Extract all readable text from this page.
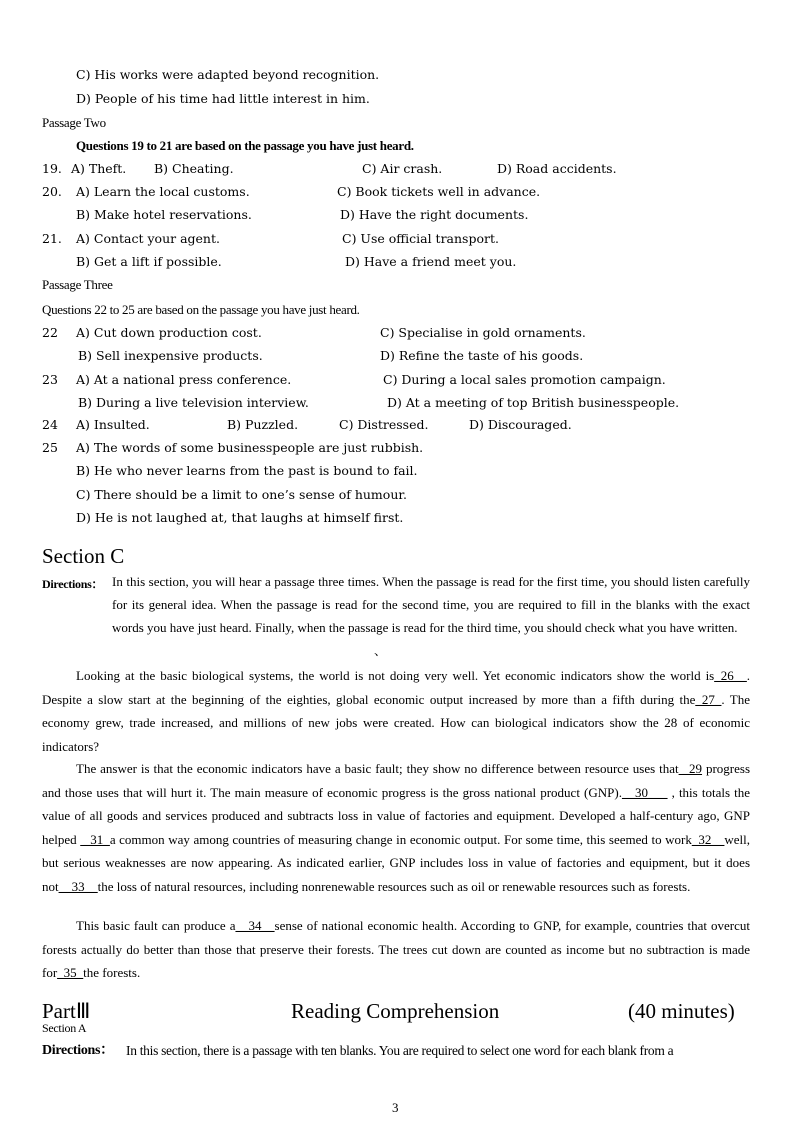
C) His works were adapted beyond recognition.
D) People of his time had little interest in him.
Passage Two
Questions 19 to 21 are based on the passage you have just heard.
19. A) Theft. B) Cheating.	C) Air crash.	D) Road accidents.
20. A) Learn the local customs.	C) Book tickets well in advance.
B) Make hotel reservations.	D) Have the right documents.
21. A) Contact your agent.	C) Use official transport.
B) Get a lift if possible.	D) Have a friend meet you.
Passage Three
Questions 22 to 25 are based on the passage you have just heard.
22 A) Cut down production cost.	C) Specialise in gold ornaments.
B) Sell inexpensive products.	D) Refine the taste of his goods.
23 A) At a national press conference.	C) During a local sales promotion campaign.
B) During a live television interview.	D) At a meeting of top British businesspeople.
24 A) Insulted.	B) Puzzled.	C) Distressed.	D) Discouraged.
25 A) The words of some businesspeople are just rubbish.
B) He who never learns from the past is bound to fail.
C) There should be a limit to one’s sense of humour.
D) He is not laughed at, that laughs at himself first.
Section C
Directions： In this section, you will hear a passage three times. When the passage is read for the first time, you should listen carefully for its general idea. When the passage is read for the second time, you are required to fill in the blanks with the exact words you have just heard. Finally, when the passage is read for the third time, you should check what you have written.
、
Looking at the basic biological systems, the world is not doing very well. Yet economic indicators show the world is_26__. Despite a slow start at the beginning of the eighties, global economic output increased by more than a fifth during the_27_. The economy grew, trade increased, and millions of new jobs were created. How can biological indicators show the 28 of economic indicators?
The answer is that the economic indicators have a basic fault; they show no difference between resource uses that _29 progress and those uses that will hurt it. The main measure of economic progress is the gross national product (GNP).__30___ , this totals the value of all goods and services produced and subtracts loss in value of factories and equipment. Developed a half-century ago, GNP helped  _31_a common way among countries of measuring change in economic output. For some time, this seemed to work_32__well, but serious weaknesses are now appearing. As indicated earlier, GNP includes loss in value of factories and equipment, but it does not__33__the loss of natural resources, including nonrenewable resources such as oil or renewable resources such as forests.
This basic fault can produce a__34__sense of national economic health. According to GNP, for example, countries that overcut forests actually do better than those that preserve their forests. The trees cut down are counted as income but no subtraction is made for_35_the forests.
PartⅢ	Reading Comprehension	(40 minutes)
Section A
Directions： In this section, there is a passage with ten blanks. You are required to select one word for each blank from a
3
